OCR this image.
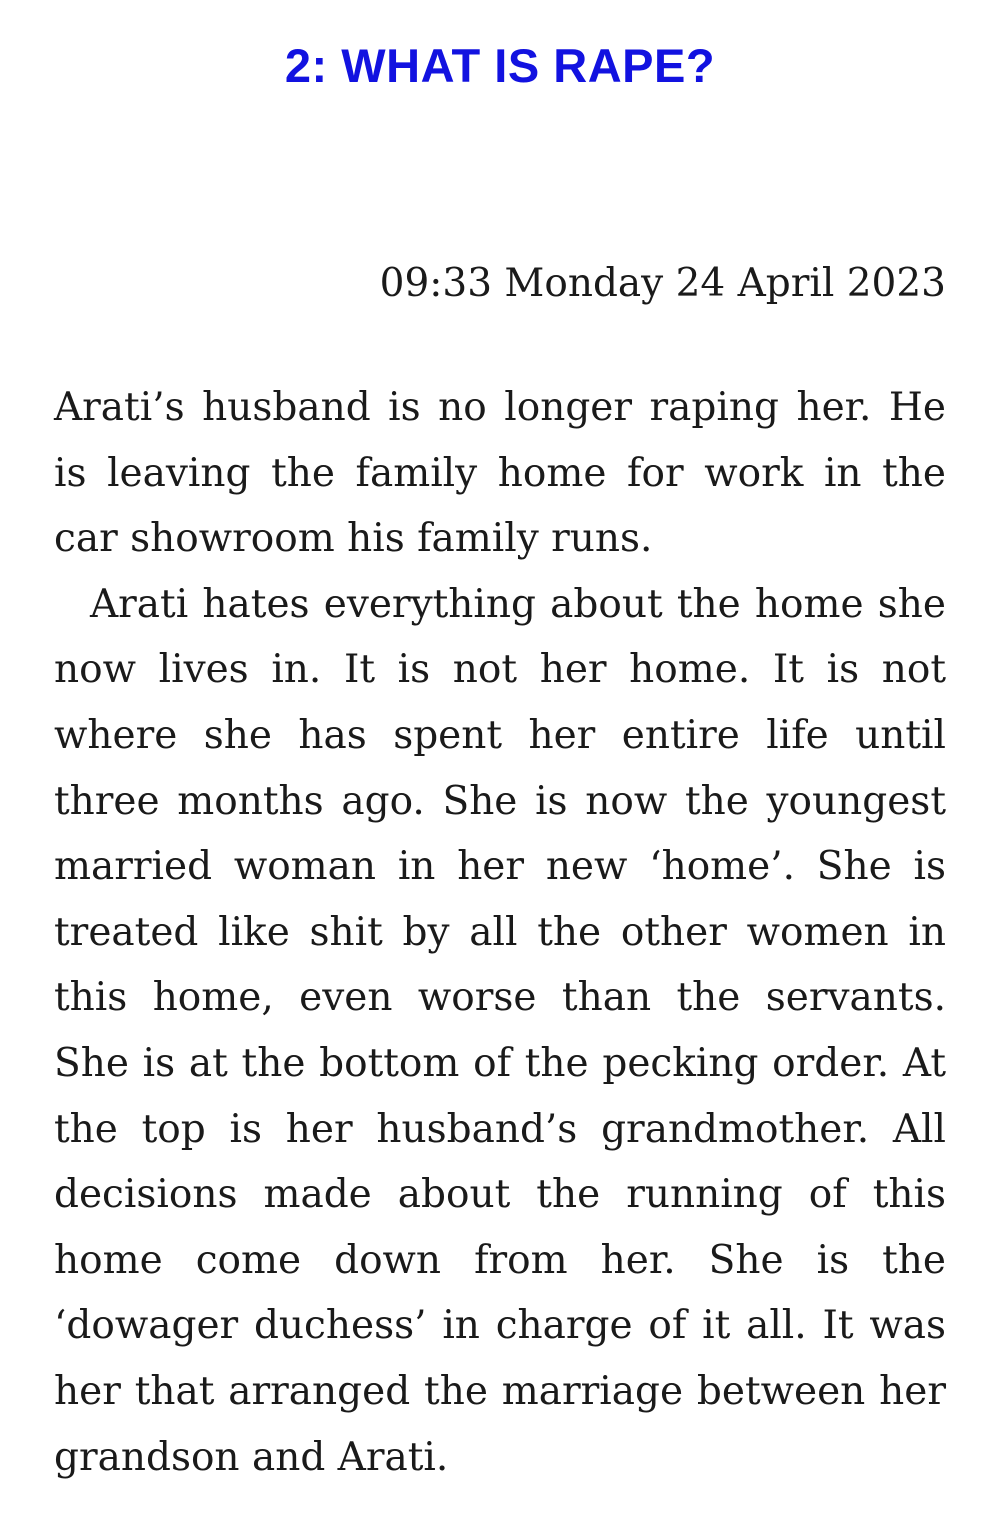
2: WHAT IS RAPE?
09:33 Monday 24 April 2023

Arati’s husband is no longer raping her. He is leaving the family home for work in the car showroom his family runs.

Arati hates everything about the home she now lives in. It is not her home. It is not where she has spent her entire life until three months ago. She is now the youngest married woman in her new ‘home’. She is treated like shit by all the other women in this home, even worse than the servants. She is at the bottom of the pecking order. At the top is her husband’s grandmother. All decisions made about the running of this home come down from her. She is the ‘dowager duchess’ in charge of it all. It was her that arranged the marriage between her grandson and Arati.
